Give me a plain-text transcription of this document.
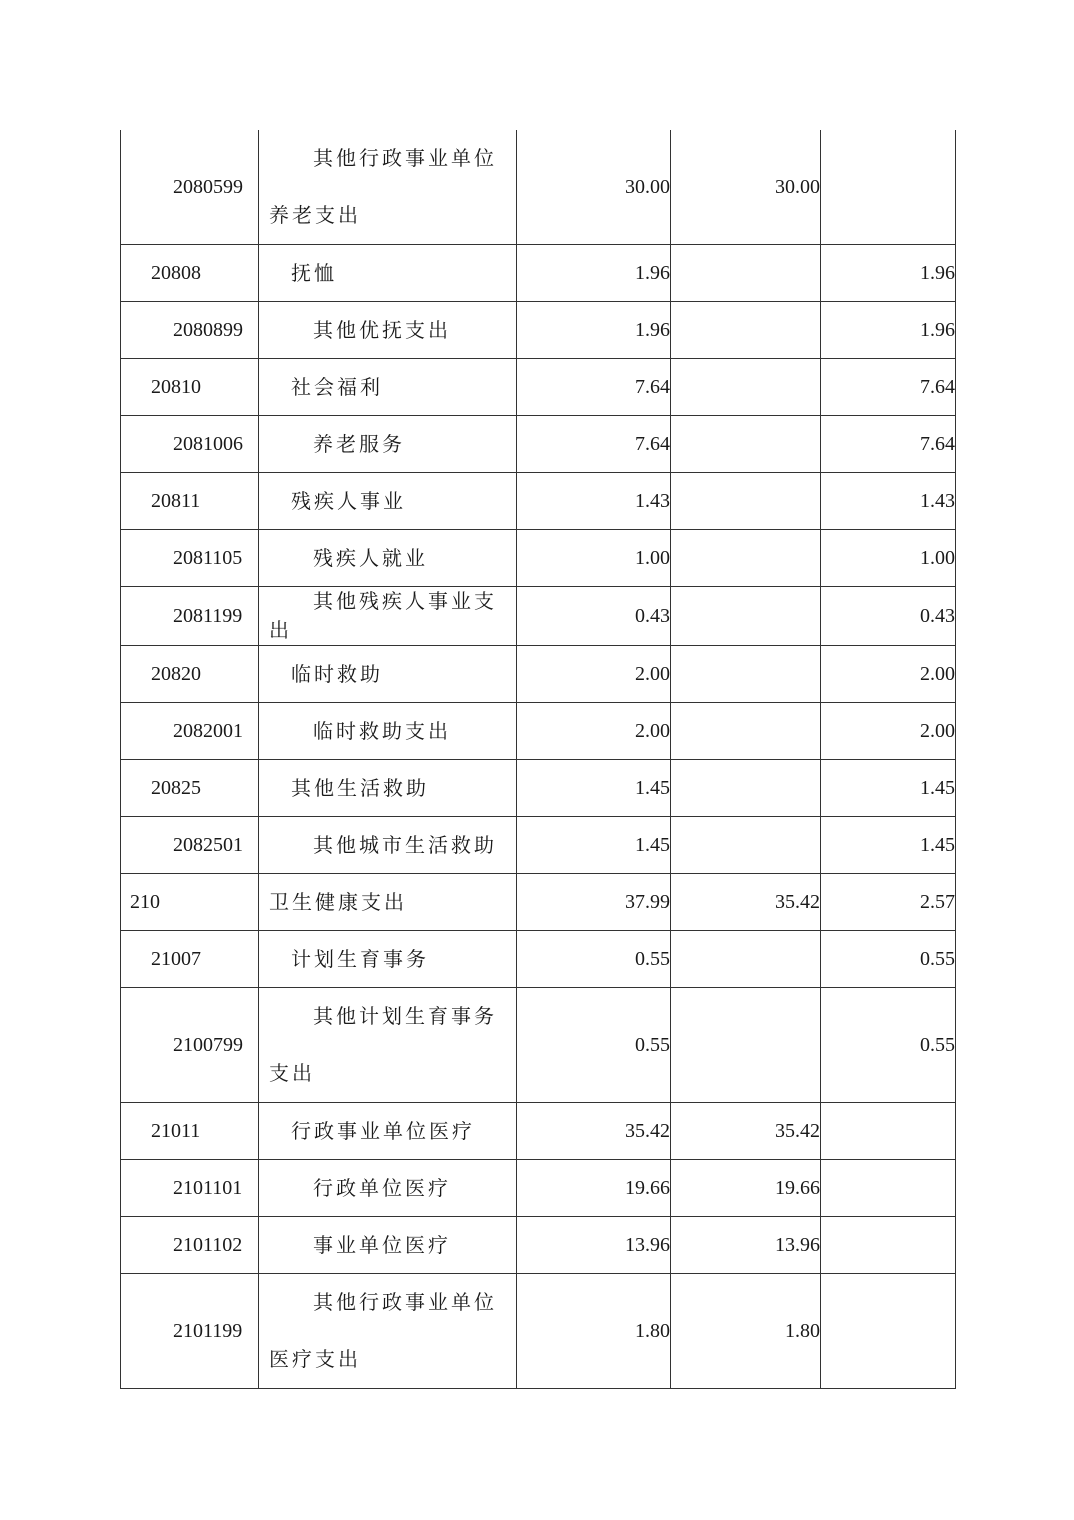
2080599	其他行政事业单位养老支出	30.00	30.00	
20808	抚恤	1.96		1.96
2080899	其他优抚支出	1.96		1.96
20810	社会福利	7.64		7.64
2081006	养老服务	7.64		7.64
20811	残疾人事业	1.43		1.43
2081105	残疾人就业	1.00		1.00
2081199	其他残疾人事业支出	0.43		0.43
20820	临时救助	2.00		2.00
2082001	临时救助支出	2.00		2.00
20825	其他生活救助	1.45		1.45
2082501	其他城市生活救助	1.45		1.45
210	卫生健康支出	37.99	35.42	2.57
21007	计划生育事务	0.55		0.55
2100799	其他计划生育事务支出	0.55		0.55
21011	行政事业单位医疗	35.42	35.42	
2101101	行政单位医疗	19.66	19.66	
2101102	事业单位医疗	13.96	13.96	
2101199	其他行政事业单位医疗支出	1.80	1.80	
